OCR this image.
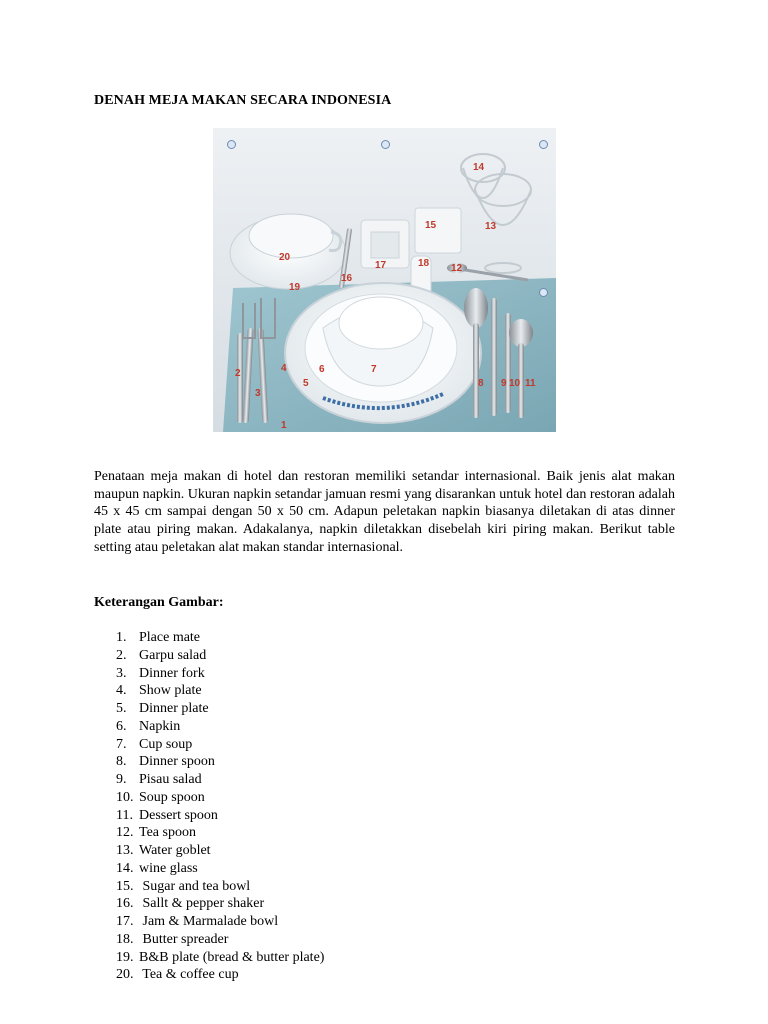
DENAH MEJA MAKAN SECARA INDONESIA
1
2
3
4
5
6	7
8 9 10 11
12
13
14
15
16
17	18
19
20
Penataan meja makan di hotel dan restoran memiliki setandar internasional. Baik jenis alat makan maupun napkin. Ukuran napkin setandar jamuan resmi yang disarankan untuk hotel dan restoran adalah 45 x 45 cm sampai dengan 50 x 50 cm. Adapun peletakan napkin biasanya diletakan di atas dinner plate atau piring makan. Adakalanya, napkin diletakkan disebelah kiri piring makan. Berikut table setting atau peletakan alat makan standar internasional.
Keterangan Gambar:
1. Place mate
2. Garpu salad
3. Dinner fork
4. Show plate
5. Dinner plate
6. Napkin
7. Cup soup
8. Dinner spoon
9. Pisau salad
10. Soup spoon
11. Dessert spoon
12. Tea spoon
13. Water goblet
14. wine glass
15. Sugar and tea bowl
16. Sallt & pepper shaker
17. Jam & Marmalade bowl
18. Butter spreader
19. B&B plate (bread & butter plate)
20. Tea & coffee cup
